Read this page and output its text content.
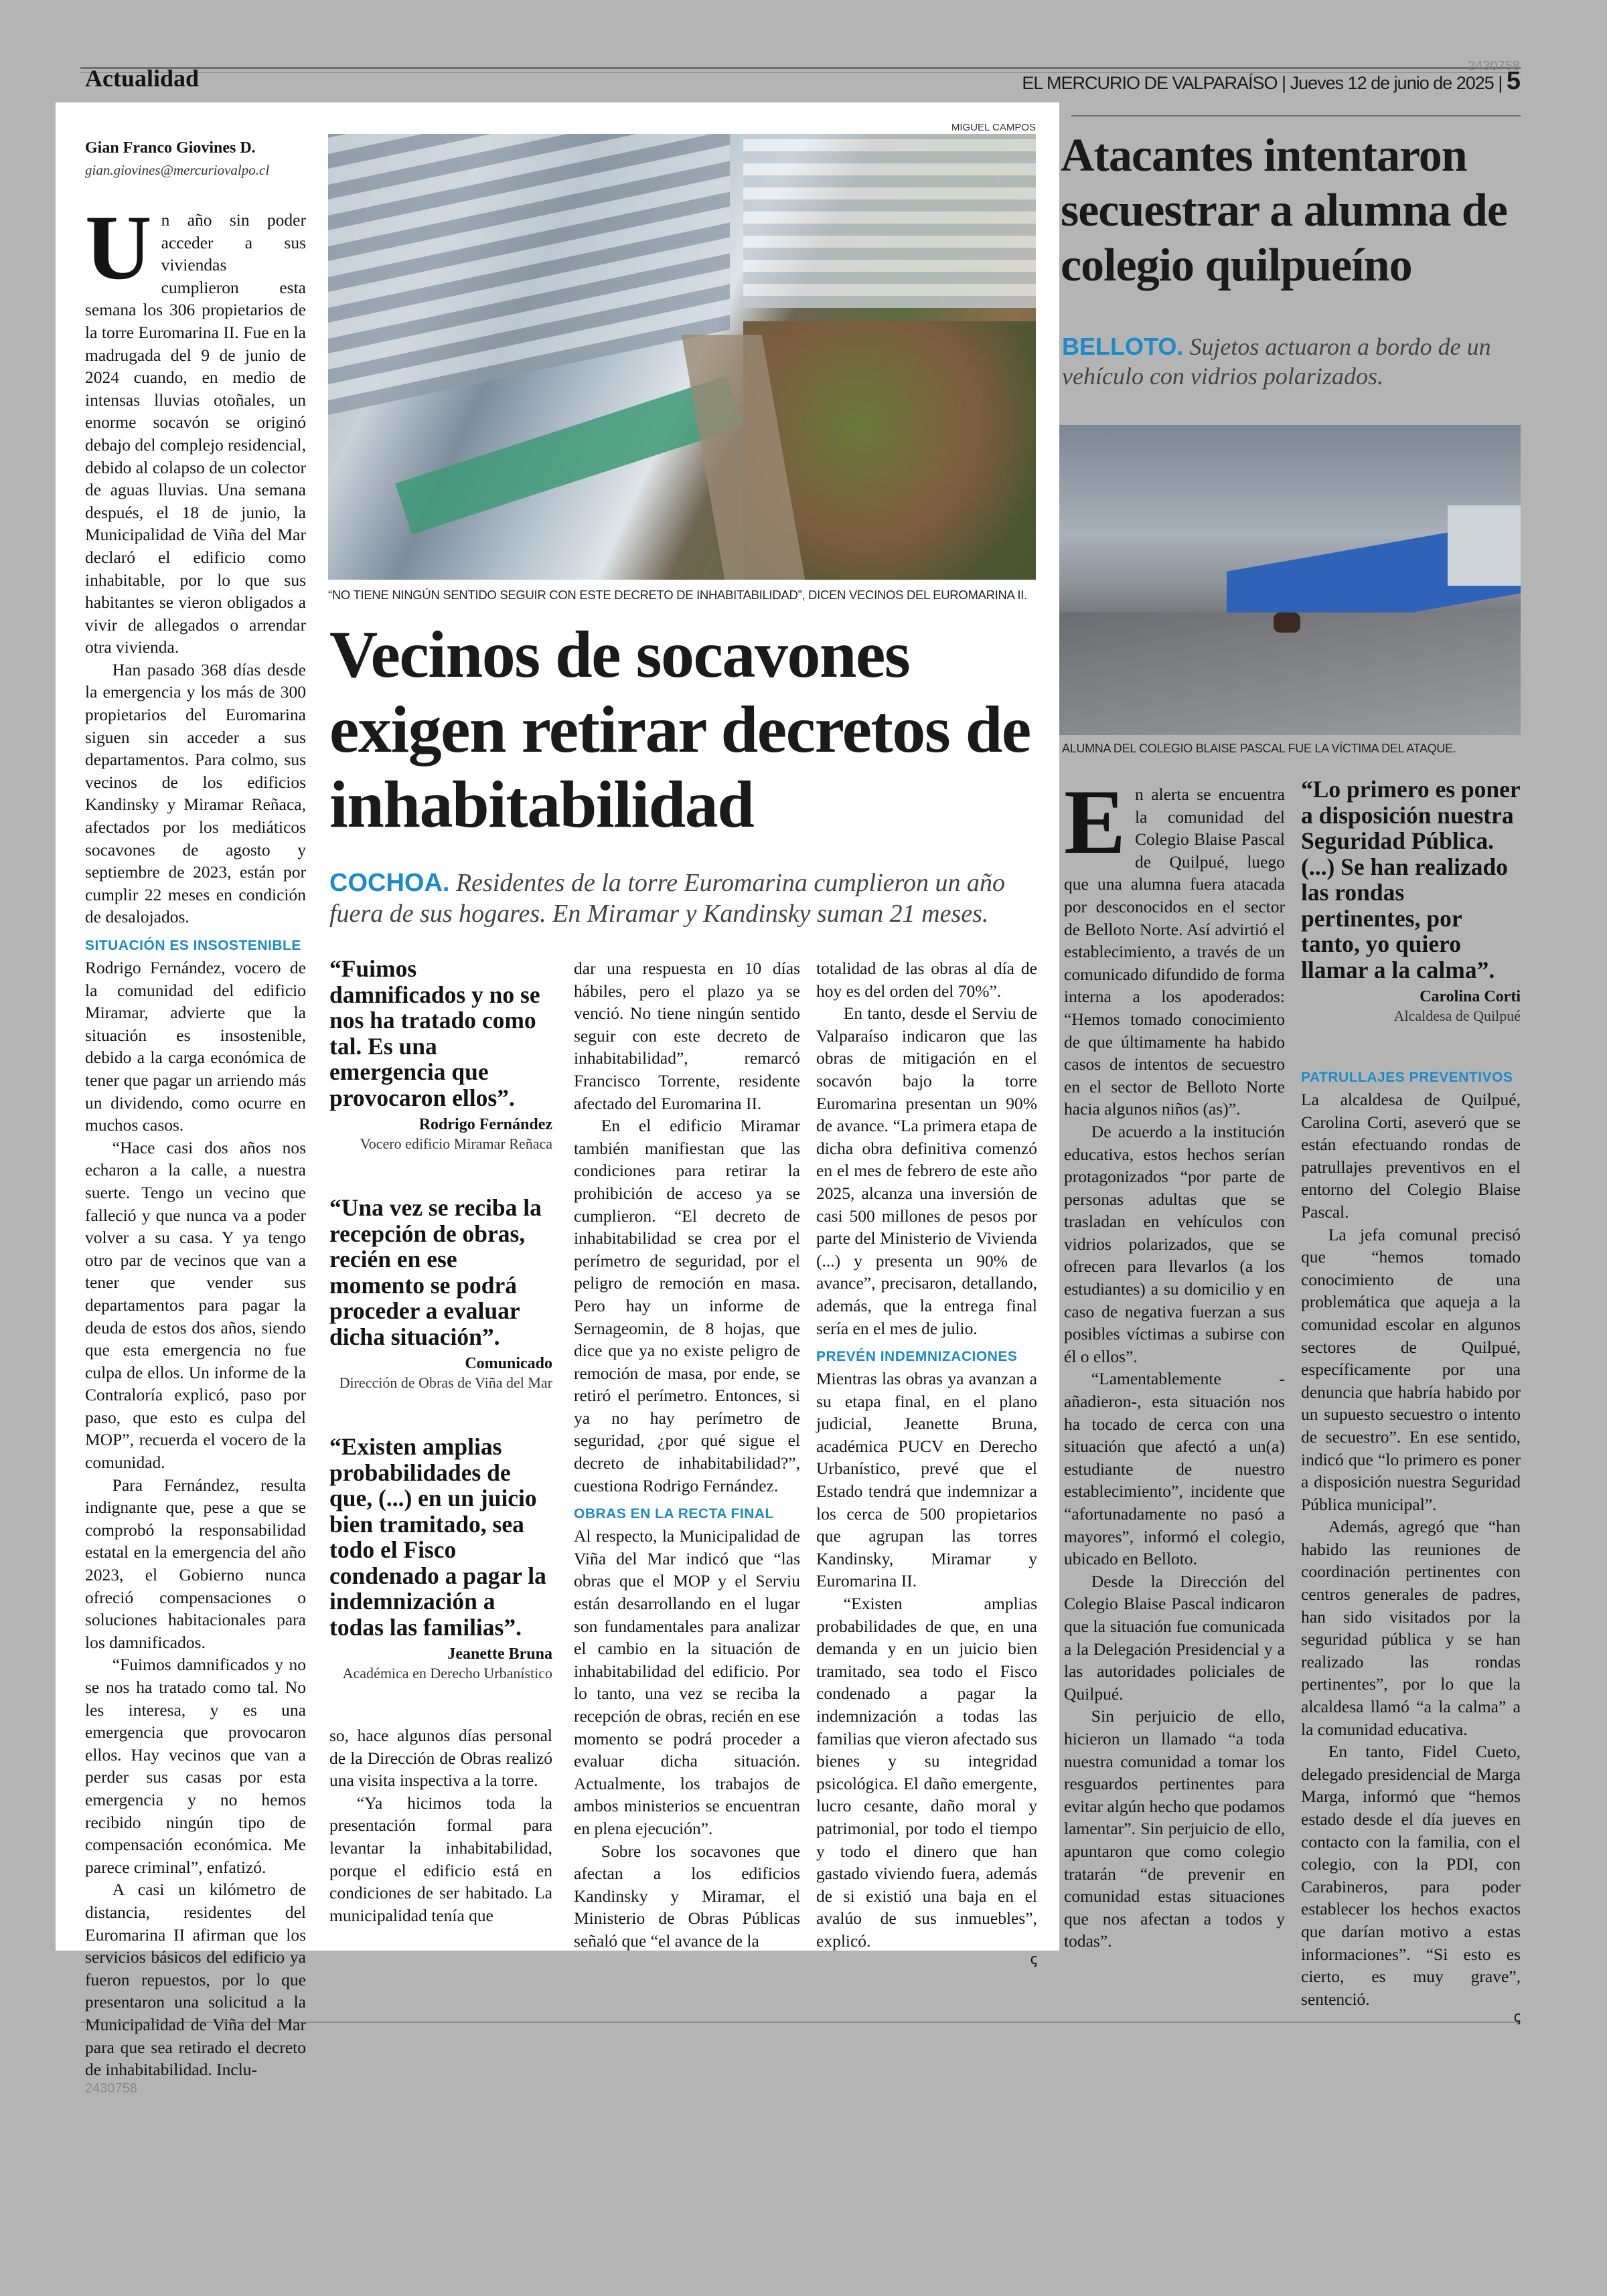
Actualidad	2430758
EL MERCURIO DE VALPARAÍSO | Jueves 12 de junio de 2025 | 5
Gian Franco Giovines D.
gian.giovines@mercuriovalpo.cl
MIGUEL CAMPOS
“NO TIENE NINGÚN SENTIDO SEGUIR CON ESTE DECRETO DE INHABITABILIDAD”, DICEN VECINOS DEL EUROMARINA II.
Vecinos de socavones exigen retirar decretos de inhabitabilidad
COCHOA. Residentes de la torre Euromarina cumplieron un año fuera de sus hogares. En Miramar y Kandinsky suman 21 meses.

Un año sin poder acceder a sus viviendas cumplieron esta semana los 306 propietarios de la torre Euromarina II. Fue en la madrugada del 9 de junio de 2024 cuando, en medio de intensas lluvias otoñales, un enorme socavón se originó debajo del complejo residencial, debido al colapso de un colector de aguas lluvias. Una semana después, el 18 de junio, la Municipalidad de Viña del Mar declaró el edificio como inhabitable, por lo que sus habitantes se vieron obligados a vivir de allegados o arrendar otra vivienda.

Han pasado 368 días desde la emergencia y los más de 300 propietarios del Euromarina siguen sin acceder a sus departamentos. Para colmo, sus vecinos de los edificios Kandinsky y Miramar Reñaca, afectados por los mediáticos socavones de agosto y septiembre de 2023, están por cumplir 22 meses en condición de desalojados.

SITUACIÓN ES INSOSTENIBLE

Rodrigo Fernández, vocero de la comunidad del edificio Miramar, advierte que la situación es insostenible, debido a la carga económica de tener que pagar un arriendo más un dividendo, como ocurre en muchos casos.

“Hace casi dos años nos echaron a la calle, a nuestra suerte. Tengo un vecino que falleció y que nunca va a poder volver a su casa. Y ya tengo otro par de vecinos que van a tener que vender sus departamentos para pagar la deuda de estos dos años, siendo que esta emergencia no fue culpa de ellos. Un informe de la Contraloría explicó, paso por paso, que esto es culpa del MOP”, recuerda el vocero de la comunidad.

Para Fernández, resulta indignante que, pese a que se comprobó la responsabilidad estatal en la emergencia del año 2023, el Gobierno nunca ofreció compensaciones o soluciones habitacionales para los damnificados.

“Fuimos damnificados y no se nos ha tratado como tal. No les interesa, y es una emergencia que provocaron ellos. Hay vecinos que van a perder sus casas por esta emergencia y no hemos recibido ningún tipo de compensación económica. Me parece criminal”, enfatizó.

A casi un kilómetro de distancia, residentes del Euromarina II afirman que los servicios básicos del edificio ya fueron repuestos, por lo que presentaron una solicitud a la Municipalidad de Viña del Mar para que sea retirado el decreto de inhabitabilidad. Inclu-

2430758
“Fuimos damnificados y no se nos ha tratado como tal. Es una emergencia que provocaron ellos”.
Rodrigo Fernández
Vocero edificio Miramar Reñaca
“Una vez se reciba la recepción de obras, recién en ese momento se podrá proceder a evaluar dicha situación”.
Comunicado
Dirección de Obras de Viña del Mar
“Existen amplias probabilidades de que, (...) en un juicio bien tramitado, sea todo el Fisco condenado a pagar la indemnización a todas las familias”.
Jeanette Bruna
Académica en Derecho Urbanístico

so, hace algunos días personal de la Dirección de Obras realizó una visita inspectiva a la torre.

“Ya hicimos toda la presentación formal para levantar la inhabitabilidad, porque el edificio está en condiciones de ser habitado. La municipalidad tenía que

dar una respuesta en 10 días hábiles, pero el plazo ya se venció. No tiene ningún sentido seguir con este decreto de inhabitabilidad”, remarcó Francisco Torrente, residente afectado del Euromarina II.

En el edificio Miramar también manifiestan que las condiciones para retirar la prohibición de acceso ya se cumplieron. “El decreto de inhabitabilidad se crea por el perímetro de seguridad, por el peligro de remoción en masa. Pero hay un informe de Sernageomin, de 8 hojas, que dice que ya no existe peligro de remoción de masa, por ende, se retiró el perímetro. Entonces, si ya no hay perímetro de seguridad, ¿por qué sigue el decreto de inhabitabilidad?”, cuestiona Rodrigo Fernández.

OBRAS EN LA RECTA FINAL

Al respecto, la Municipalidad de Viña del Mar indicó que “las obras que el MOP y el Serviu están desarrollando en el lugar son fundamentales para analizar el cambio en la situación de inhabitabilidad del edificio. Por lo tanto, una vez se reciba la recepción de obras, recién en ese momento se podrá proceder a evaluar dicha situación. Actualmente, los trabajos de ambos ministerios se encuentran en plena ejecución”.

Sobre los socavones que afectan a los edificios Kandinsky y Miramar, el Ministerio de Obras Públicas señaló que “el avance de la

totalidad de las obras al día de hoy es del orden del 70%”.

En tanto, desde el Serviu de Valparaíso indicaron que las obras de mitigación en el socavón bajo la torre Euromarina presentan un 90% de avance. “La primera etapa de dicha obra definitiva comenzó en el mes de febrero de este año 2025, alcanza una inversión de casi 500 millones de pesos por parte del Ministerio de Vivienda (...) y presenta un 90% de avance”, precisaron, detallando, además, que la entrega final sería en el mes de julio.

PREVÉN INDEMNIZACIONES

Mientras las obras ya avanzan a su etapa final, en el plano judicial, Jeanette Bruna, académica PUCV en Derecho Urbanístico, prevé que el Estado tendrá que indemnizar a los cerca de 500 propietarios que agrupan las torres Kandinsky, Miramar y Euromarina II.

“Existen amplias probabilidades de que, en una demanda y en un juicio bien tramitado, sea todo el Fisco condenado a pagar la indemnización a todas las familias que vieron afectado sus bienes y su integridad psicológica. El daño emergente, lucro cesante, daño moral y patrimonial, por todo el tiempo y todo el dinero que han gastado viviendo fuera, además de si existió una baja en el avalúo de sus inmuebles”, explicó.

ꞔ
Atacantes intentaron secuestrar a alumna de colegio quilpueíno
BELLOTO. Sujetos actuaron a bordo de un vehículo con vidrios polarizados.
ALUMNA DEL COLEGIO BLAISE PASCAL FUE LA VÍCTIMA DEL ATAQUE.

En alerta se encuentra la comunidad del Colegio Blaise Pascal de Quilpué, luego que una alumna fuera atacada por desconocidos en el sector de Belloto Norte. Así advirtió el establecimiento, a través de un comunicado difundido de forma interna a los apoderados: “Hemos tomado conocimiento de que últimamente ha habido casos de intentos de secuestro en el sector de Belloto Norte hacia algunos niños (as)”.

De acuerdo a la institución educativa, estos hechos serían protagonizados “por parte de personas adultas que se trasladan en vehículos con vidrios polarizados, que se ofrecen para llevarlos (a los estudiantes) a su domicilio y en caso de negativa fuerzan a sus posibles víctimas a subirse con él o ellos”.

“Lamentablemente -añadieron-, esta situación nos ha tocado de cerca con una situación que afectó a un(a) estudiante de nuestro establecimiento”, incidente que “afortunadamente no pasó a mayores”, informó el colegio, ubicado en Belloto.

Desde la Dirección del Colegio Blaise Pascal indicaron que la situación fue comunicada a la Delegación Presidencial y a las autoridades policiales de Quilpué.

Sin perjuicio de ello, hicieron un llamado “a toda nuestra comunidad a tomar los resguardos pertinentes para evitar algún hecho que podamos lamentar”. Sin perjuicio de ello, apuntaron que como colegio tratarán “de prevenir en comunidad estas situaciones que nos afectan a todos y todas”.

“Lo primero es poner a disposición nuestra Seguridad Pública. (...) Se han realizado las rondas pertinentes, por tanto, yo quiero llamar a la calma”.
Carolina Corti
Alcaldesa de Quilpué
PATRULLAJES PREVENTIVOS

La alcaldesa de Quilpué, Carolina Corti, aseveró que se están efectuando rondas de patrullajes preventivos en el entorno del Colegio Blaise Pascal.

La jefa comunal precisó que “hemos tomado conocimiento de una problemática que aqueja a la comunidad escolar en algunos sectores de Quilpué, específicamente por una denuncia que habría habido por un supuesto secuestro o intento de secuestro”. En ese sentido, indicó que “lo primero es poner a disposición nuestra Seguridad Pública municipal”.

Además, agregó que “han habido las reuniones de coordinación pertinentes con centros generales de padres, han sido visitados por la seguridad pública y se han realizado las rondas pertinentes”, por lo que la alcaldesa llamó “a la calma” a la comunidad educativa.

En tanto, Fidel Cueto, delegado presidencial de Marga Marga, informó que “hemos estado desde el día jueves en contacto con la familia, con el colegio, con la PDI, con Carabineros, para poder establecer los hechos exactos que darían motivo a estas informaciones”. “Si esto es cierto, es muy grave”, sentenció.

ꞔ
